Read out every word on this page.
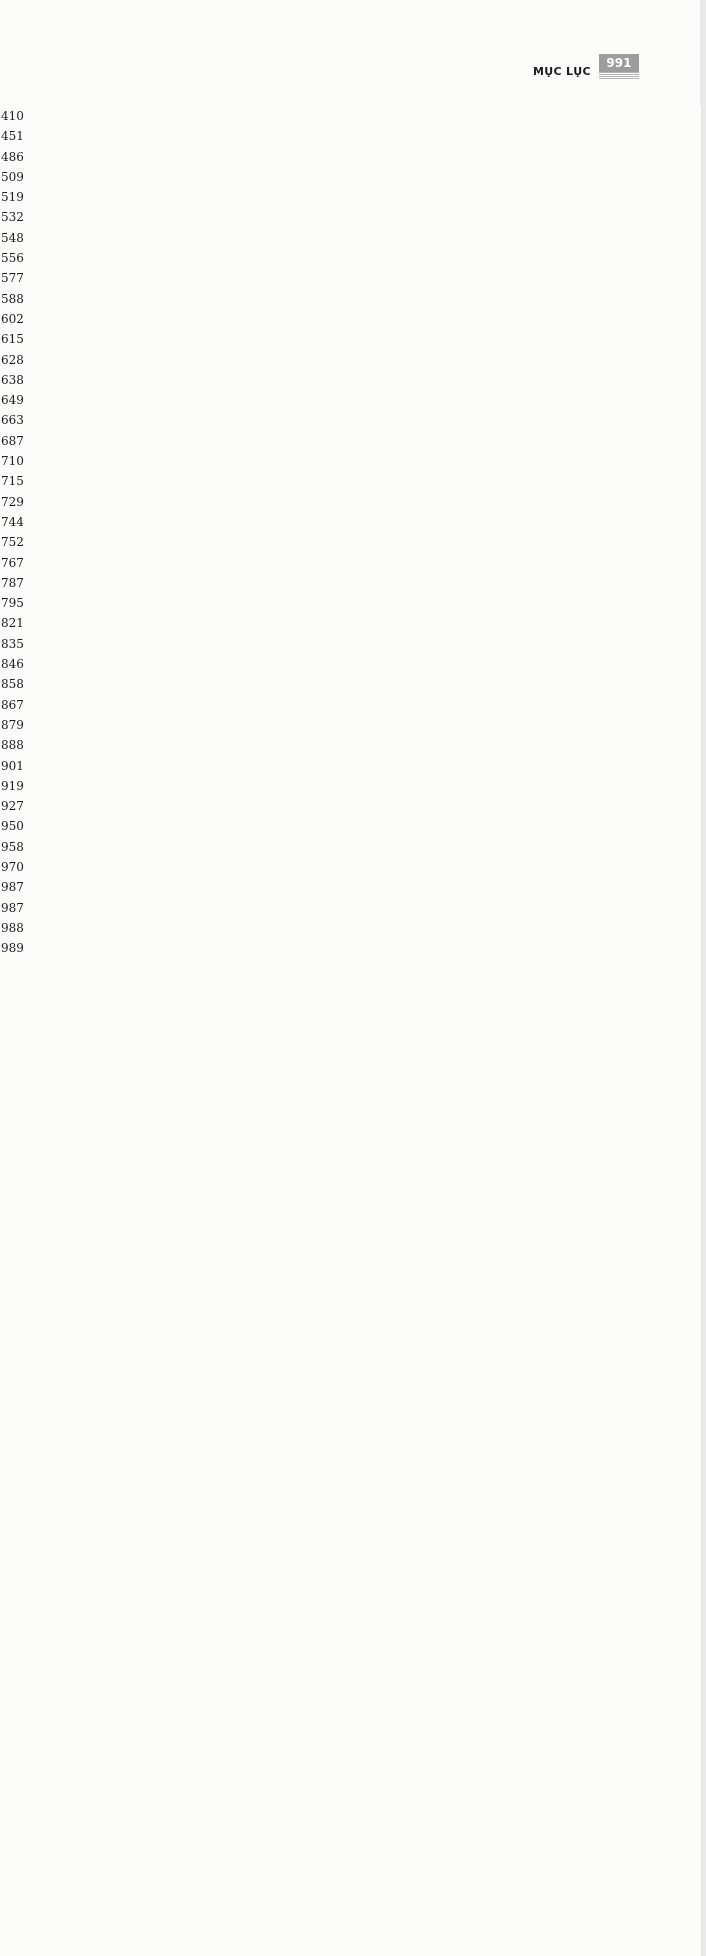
MỤC LỤC
991
410
451
486
509
519
532
548
556
577
588
602
615
628
638
649
663
687
710
715
729
744
752
767
787
795
821
835
846
858
867
879
888
901
919
927
950
958
970
987
987
988
989
